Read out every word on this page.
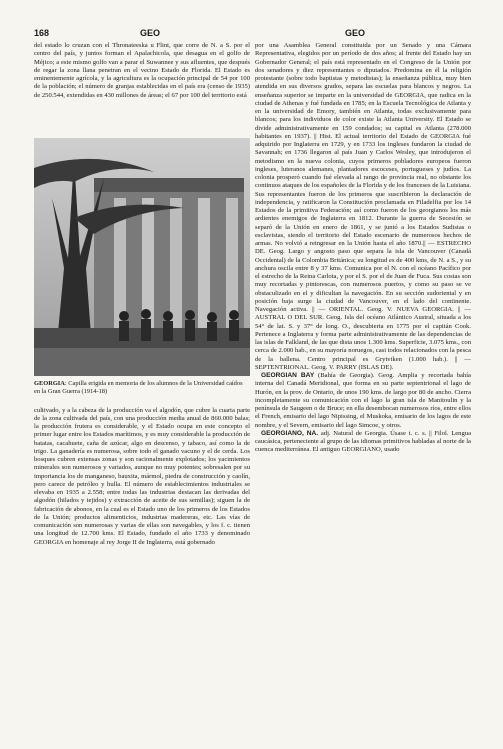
168	GEO	GEO

del estado lo cruzan con el Thronateeska u Flint, que corre de N. a S. por el centro del país, y juntos forman el Apalachicola, que desagua en el golfo de Méjico; a este mismo golfo van a parar el Suwannee y sus afluentes, que después de regar la zona llana penetran en el vecino Estado de Florida. El Estado es eminentemente agrícola, y la agricultura es la ocupación principal de 54 por 100 de la población; el número de granjas establecidas en el país era (censo de 1935) de 250.544, extendidas en 430 millones de áreas; el 67 por 100 del territorio está

GEORGIA: Capilla erigida en memoria de los alumnos de la Universidad caídos en la Gran Guerra (1914-18)

cultivado, y a la cabeza de la producción va el algodón, que cubre la cuarta parte de la zona cultivada del país, con una producción media anual de 860.000 balas; la producción frutera es considerable, y el Estado ocupa en este concepto el primer lugar entre los Estados marítimos, y es muy considerable la producción de batatas, cacahuete, caña de azúcar, algo en descenso, y tabaco, así como la de trigo. La ganadería es numerosa, sobre todo el ganado vacuno y el de cerda. Los bosques cubren extensas zonas y son racionalmente explotados; los yacimientos minerales son numerosos y variados, aunque no muy potentes; sobresalen por su importancia los de manganeso, bauxita, mármol, piedra de construcción y caolín, pero carece de petróleo y hulla. El número de establecimientos industriales se elevaba en 1935 a 2.558; entre todas las industrias destacan las derivadas del algodón (hilados y tejidos) y extracción de aceite de sus semillas); siguen la de fabricación de abonos, en la cual es el Estado uno de los primeros de los Estados de la Unión; productos alimenticios, industrias madereras, etc. Las vías de comunicación son numerosas y varias de ellas son navegables, y los f. c. tienen una longitud de 12.700 kms. El Estado, fundado el año 1733 y denominado GEORGIA en homenaje al rey Jorge II de Inglaterra, está gobernado

por una Asamblea General constituida por un Senado y una Cámara Representativa, elegidos por un período de dos años; al frente del Estado hay un Gobernador General; el país está representado en el Congreso de la Unión por dos senadores y diez representantes o diputados. Predomina en él la religión protestante (sobre todo baptistas y metodistas); la enseñanza pública, muy bien atendida en sus diversos grados, separa las escuelas para blancos y negros. La enseñanza superior se imparte en la universidad de GEORGIA, que radica en la ciudad de Athenas y fué fundada en 1785; en la Escuela Tecnológica de Atlanta y en la universidad de Emory, también en Atlanta, todas exclusivamente para blancos; para los individuos de color existe la Atlanta University. El Estado se divide administrativamente en 159 condados; su capital es Atlanta (278.000 habitantes en 1937). || Hist. El actual territorio del Estado de GEORGIA fué adquirido por Inglaterra en 1729, y en 1733 los ingleses fundaron la ciudad de Savannah; en 1736 llegaron al país Juan y Carlos Wesley, que introdujeron el metodismo en la nueva colonia, cuyos primeros pobladores europeos fueron ingleses, luteranos alemanes, plantadores escoceses, portugueses y judíos. La colonia prosperó cuando fué elevada al rango de provincia real, no obstante los continuos ataques de los españoles de la Florida y de los franceses de la Luisiana. Sus representantes fueron de los primeros que suscribieron la declaración de independencia, y ratificaron la Constitución proclamada en Filadelfia por los 14 Estados de la primitiva Federación; así como fueron de los georgianos los más ardientes enemigos de Inglaterra en 1812. Durante la guerra de Secesión se separó de la Unión en enero de 1861, y se juntó a los Estados Sudistas o esclavistas, siendo el territorio del Estado escenario de numerosos hechos de armas. No volvió a reingresar en la Unión hasta el año 1870.|| — ESTRECHO DE. Geog. Largo y angosto paso que separa la isla de Vancouver (Canadá Occidental) de la Colombia Británica; su longitud es de 400 kms, de N. a S., y su anchura oscila entre 8 y 37 kms. Comunica por el N. con el océano Pacífico por el estrecho de la Reina Carlota, y por el S. por el de Juan de Fuca. Sus costas son muy recortadas y pintorescas, con numerosos puertos, y como su paso se ve obstaculizado en el y dificultan la navegación. En su sección sudoriental y en posición baja surge la ciudad de Vancouver, en el lado del continente. Navegación activa. || — ORIENTAL. Geog. V. NUEVA GEORGIA. || — AUSTRAL O DEL SUR. Geog. Isla del océano Atlántico Austral, situada a los 54° de lat. S. y 37° de long. O., descubierta en 1775 por el capitán Cook. Pertenece a Inglaterra y forma parte administrativamente de las dependencias de las islas de Falkland, de las que dista unos 1.300 kms. Superficie, 3.075 kms., con cerca de 2.000 hab., en su mayoría noruegos, casi todos relacionados con la pesca de la ballena. Centro principal es Grytviken (1.000 hab.). || — SEPTENTRIONAL. Geog. V. PARRY (ISLAS DE).

GEORGIAN BAY (Bahía de Georgia). Geog. Amplia y recortada bahía interna del Canadá Meridional, que forma en su parte septentrional el lago de Hurón, en la prov. de Ontario, de unos 190 kms. de largo por 80 de ancho. Cierra incompletamente su comunicación con el lago la gran isla de Manitoulin y la península de Saugeen o de Bruce; en ella desembocan numerosos ríos, entre ellos el French, emisario del lago Nipissing, el Muskoka, emisario de los lagos de este nombre, y el Severn, emisario del lago Simcoe, y otros.

GEORGIANO, NA. adj. Natural de Georgia. Úsase t. c. s. || Filol. Lengua caucásica, perteneciente al grupo de las idiomas primitivos habladas al norte de la cuenca mediterránea. El antiguo GEORGIANO, usado
